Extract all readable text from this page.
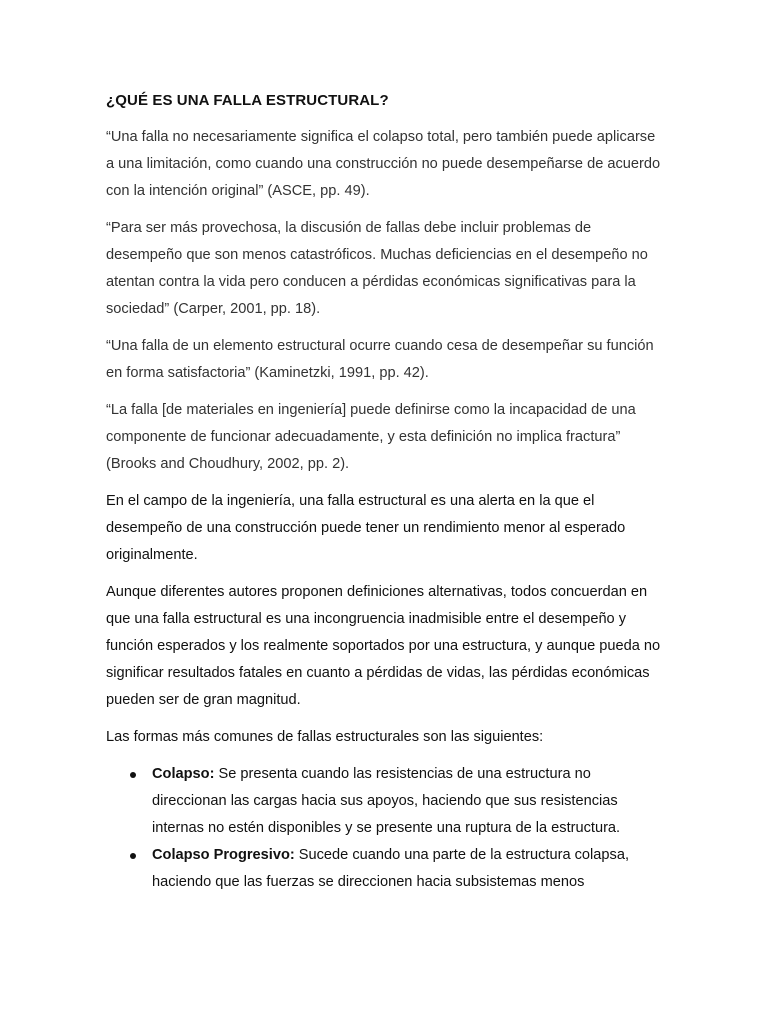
¿QUÉ ES UNA FALLA ESTRUCTURAL?

“Una falla no necesariamente significa el colapso total, pero también puede aplicarse a una limitación, como cuando una construcción no puede desempeñarse de acuerdo con la intención original” (ASCE, pp. 49).

“Para ser más provechosa, la discusión de fallas debe incluir problemas de desempeño que son menos catastróficos. Muchas deficiencias en el desempeño no atentan contra la vida pero conducen a pérdidas económicas significativas para la sociedad” (Carper, 2001, pp. 18).

“Una falla de un elemento estructural ocurre cuando cesa de desempeñar su función en forma satisfactoria” (Kaminetzki, 1991, pp. 42).

“La falla [de materiales en ingeniería] puede definirse como la incapacidad de una componente de funcionar adecuadamente, y esta definición no implica fractura” (Brooks and Choudhury, 2002, pp. 2).

En el campo de la ingeniería, una falla estructural es una alerta en la que el desempeño de una construcción puede tener un rendimiento menor al esperado originalmente.

Aunque diferentes autores proponen definiciones alternativas, todos concuerdan en que una falla estructural es una incongruencia inadmisible entre el desempeño y función esperados y los realmente soportados por una estructura, y aunque pueda no significar resultados fatales en cuanto a pérdidas de vidas, las pérdidas económicas pueden ser de gran magnitud.

Las formas más comunes de fallas estructurales son las siguientes:

Colapso: Se presenta cuando las resistencias de una estructura no direccionan las cargas hacia sus apoyos, haciendo que sus resistencias internas no estén disponibles y se presente una ruptura de la estructura.
Colapso Progresivo: Sucede cuando una parte de la estructura colapsa, haciendo que las fuerzas se direccionen hacia subsistemas menos
